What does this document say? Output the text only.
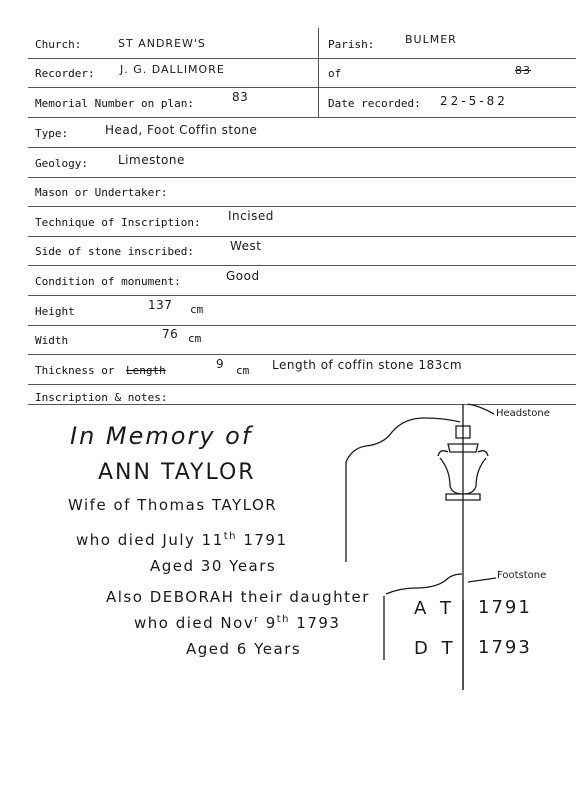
Church:	ST ANDREW'S	Parish:	BULMER
Recorder: J. G. DALLIMORE	of	83
Memorial Number on plan:	83	Date recorded: 22-5-82
Type:	Head, Foot Coffin stone
Geology:	Limestone
Mason or Undertaker:
Technique of Inscription: Incised
Side of stone inscribed:	West
Condition of monument:	Good
Height	137 cm
Width	76 cm
Thickness or Length	9 cm Length of coffin stone 183cm
Inscription & notes:
In Memory of
ANN TAYLOR
Wife of Thomas TAYLOR
who died July 11th 1791
Aged 30 Years
Also DEBORAH their daughter
who died Nov$^r$ 9th 1793
Aged 6 Years
Headstone
Footstone
A T 1791
D T 1793
